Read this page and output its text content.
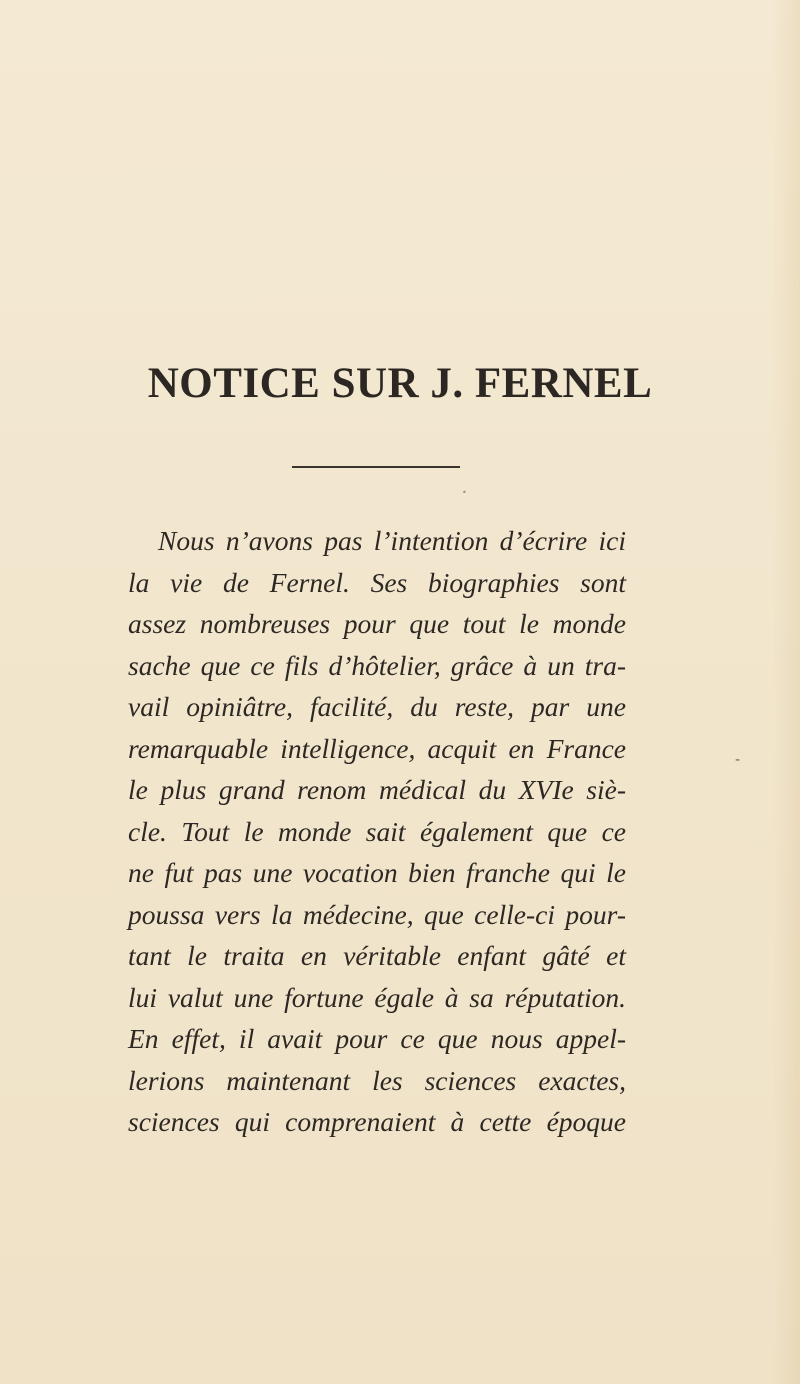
NOTICE SUR J. FERNEL
•

Nous n’avons pas l’intention d’écrire ici
la vie de Fernel. Ses biographies sont
assez nombreuses pour que tout le monde
sache que ce fils d’hôtelier, grâce à un tra-
vail opiniâtre, facilité, du reste, par une
remarquable intelligence, acquit en France
le plus grand renom médical du XVIe siè-
cle. Tout le monde sait également que ce
ne fut pas une vocation bien franche qui le
poussa vers la médecine, que celle-ci pour-
tant le traita en véritable enfant gâté et
lui valut une fortune égale à sa réputation.
En effet, il avait pour ce que nous appel-
lerions maintenant les sciences exactes,
sciences qui comprenaient à cette époque

-
